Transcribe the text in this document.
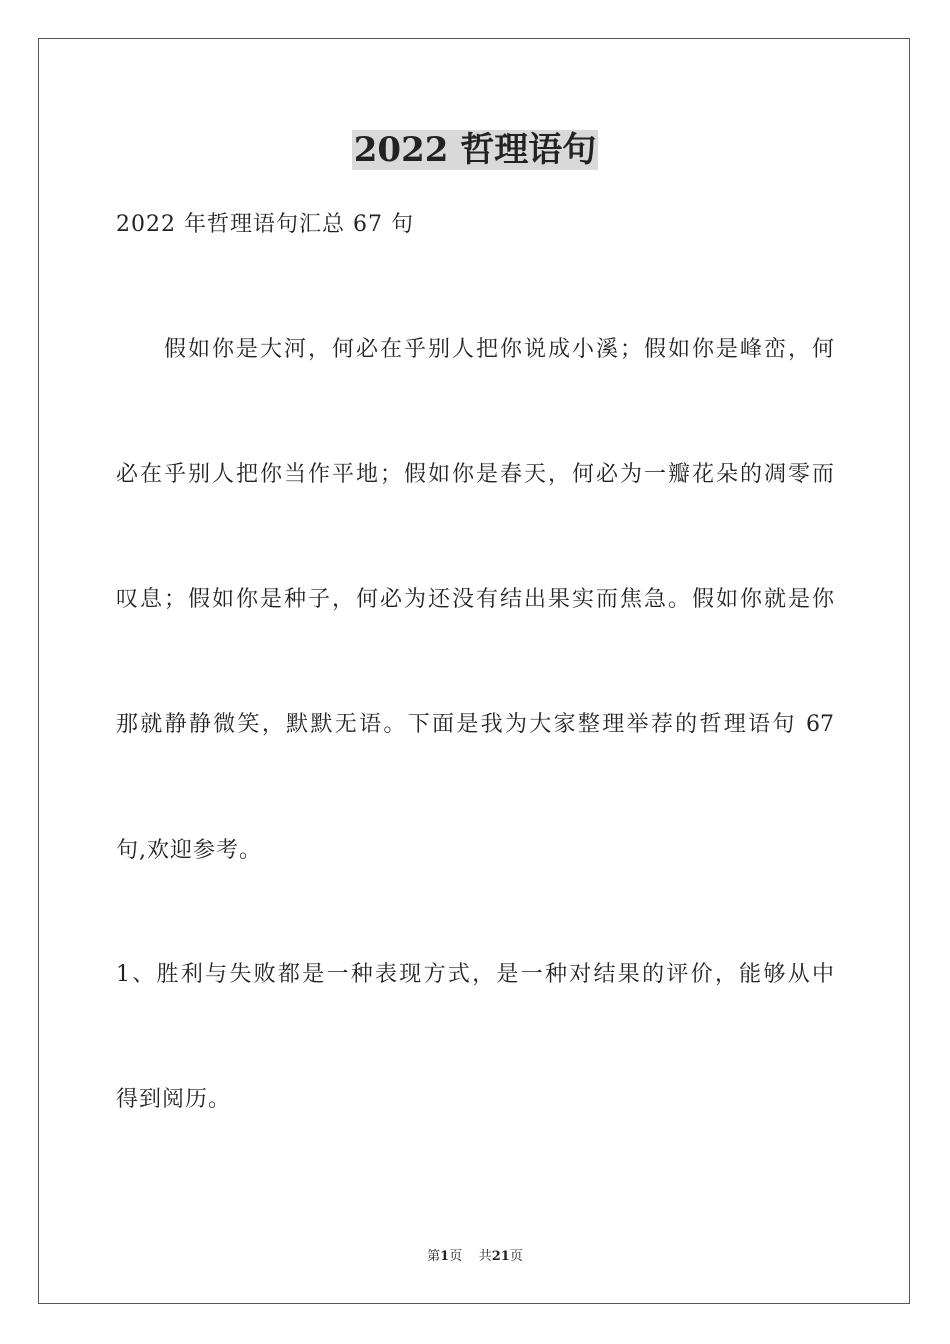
2022 哲理语句
2022 年哲理语句汇总 67 句
假如你是大河，何必在乎别人把你说成小溪；假如你是峰峦，何
必在乎别人把你当作平地；假如你是春天，何必为一瓣花朵的凋零而
叹息；假如你是种子，何必为还没有结出果实而焦急。假如你就是你
那就静静微笑，默默无语。下面是我为大家整理举荐的哲理语句 67
句,欢迎参考。
1、胜利与失败都是一种表现方式，是一种对结果的评价，能够从中
得到阅历。
第1页 共21页
